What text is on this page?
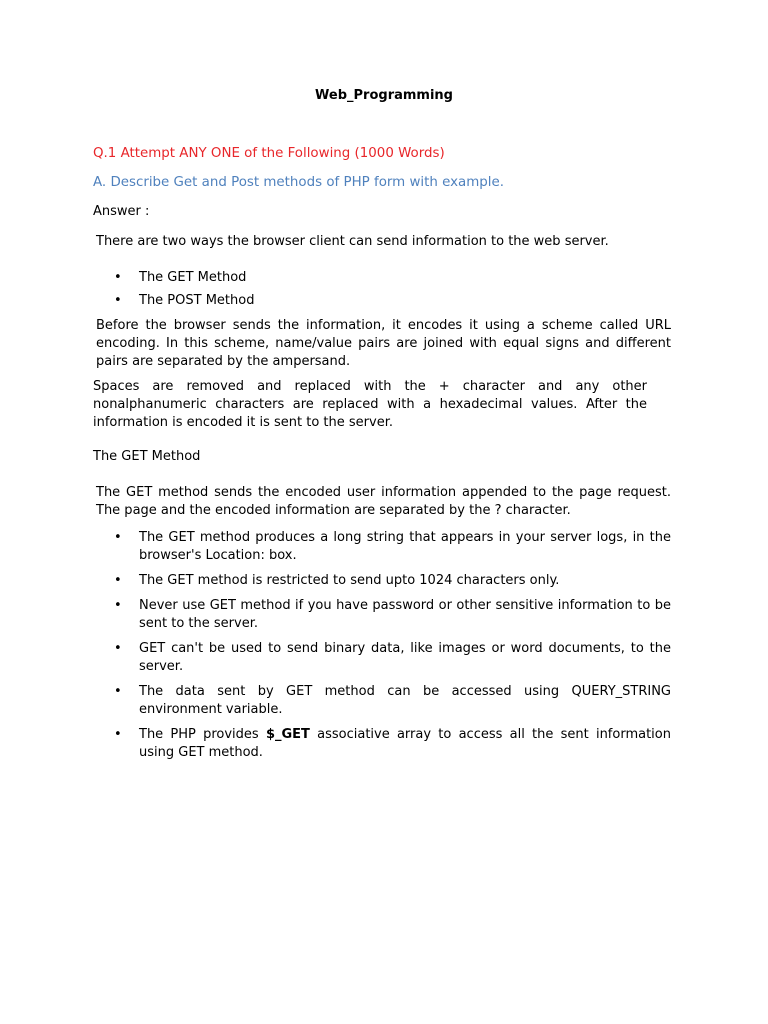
Web_Programming
Q.1 Attempt ANY ONE of the Following (1000 Words)
A. Describe Get and Post methods of PHP form with example.
Answer :
There are two ways the browser client can send information to the web server.
• The GET Method
• The POST Method
Before the browser sends the information, it encodes it using a scheme called URL encoding. In this scheme, name/value pairs are joined with equal signs and different pairs are separated by the ampersand.
Spaces are removed and replaced with the + character and any other nonalphanumeric characters are replaced with a hexadecimal values. After the information is encoded it is sent to the server.
The GET Method
The GET method sends the encoded user information appended to the page request. The page and the encoded information are separated by the ? character.
• The GET method produces a long string that appears in your server logs, in the browser's Location: box.
• The GET method is restricted to send upto 1024 characters only.
• Never use GET method if you have password or other sensitive information to be sent to the server.
• GET can't be used to send binary data, like images or word documents, to the server.
• The data sent by GET method can be accessed using QUERY_STRING environment variable.
• The PHP provides $_GET associative array to access all the sent information using GET method.
